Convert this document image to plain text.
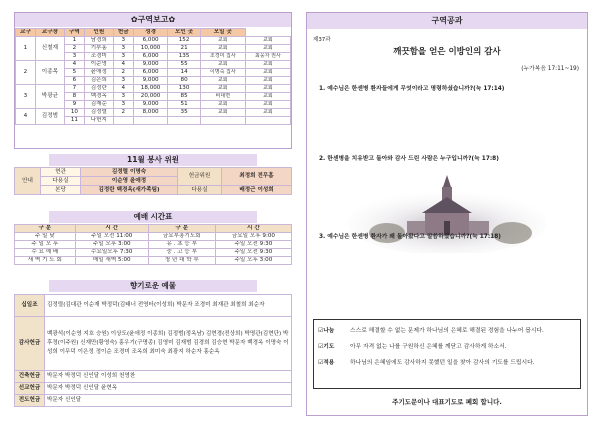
✿구역보고✿
교구	교구장	구역	인원	헌금	성경	모인 곳	모일 곳	
1	신철재	1	남경희	3	6,000	152	교회	교회
		2	기부홍	3	10,000	21	교회	교회
		3	조경미	3	6,000	135	조경미 집사	최웅자 권사
2	이종목	4	이순영	4	9,000	55	교회	교회
		5	윤애정	2	6,000	14	이명숙 집사	교회
		6	김은희	3	9,000	80	교회	교회
3	박광균	7	김정란	4	18,000	130	교회	교회
		8	백경옥	3	20,000	85	비대면	교회
		9	김재순	3	9,000	51	교회	교회
4	김정범	10	김정렬	2	8,000	35	교회	교회
		11	나헌지					
11월 봉사 위원
안내	현관	김정렬 이명숙	헌금위원	최정희 전무흠
	다용실	이순영 윤애정		
	본당	김정란 백경옥(새가족팀)	다용실	배정근 이성희
예배 시간표
구 분	시 간	구 분	시 간
주 일 낮	주일 오전 11:00	금요부흥기도회	금요일 오후 9:00
주 일 오 후	주일 오후 3:00	유 . 초 등 부	주일 오전 9:30
수 요 예 배	수요일오후 7:30	중 . 고 등 부	주일 오전 9:30
새 벽 기 도 회	매일 새벽 5:00	청 년 대 학 부	주일 오후 3:00
향기로운 예물
십일조	김정렬(김대관 이순재 박정덕(김태너 전영터(이성희) 박문자 조경미 최재관 최철희 최순자
감사헌금	백광석(이순영 지호 승원) 이상도(윤애정 이종희) 김정범(정옥남) 김현경(전상희) 박명관(김현단) 박후정(이주원) 신재만(황영숙) 홍우기(구명종) 김영미 김재범 김경희 김승현 박문자 백경옥 이명숙 이성희 이무덕 이은정 정이순 조경미 조옥희 최미숙 최광지 하순자 홍순옥
건축헌금	박문자 박정덕 신인달 이성희 천영찬
선교헌금	박문자 박정덕 신인달 윤현옥
전도헌금	박문자 신인달
구역공과
제37과
깨끗함을 얻은 이방인의 감사
(누가복음 17:11~19)
1. 예수님은 한센병 환자들에게 무엇이라고 명령하셨습니까?(눅 17:14)
2. 한센병을 치유받고 돌아와 감사 드린 사람은 누구입니까?(눅 17:8)
3. 예수님은 한센병 환자가 왜 돌아왔다고 말씀하셨습니까?(눅 17:18)
☑나눔	스스로 해결할 수 없는 문제가 하나님의 은혜로 해결된 경험을 나누어 봅시다.
☑기도	아무 자격 없는 나를 구원하신 은혜를 깨닫고 감사하게 하소서.
☑적용	하나님의 은혜임에도 감사하지 못했던 일을 찾아 감사의 기도를 드립시다.
주기도문이나 대표기도로 폐회 합니다.
